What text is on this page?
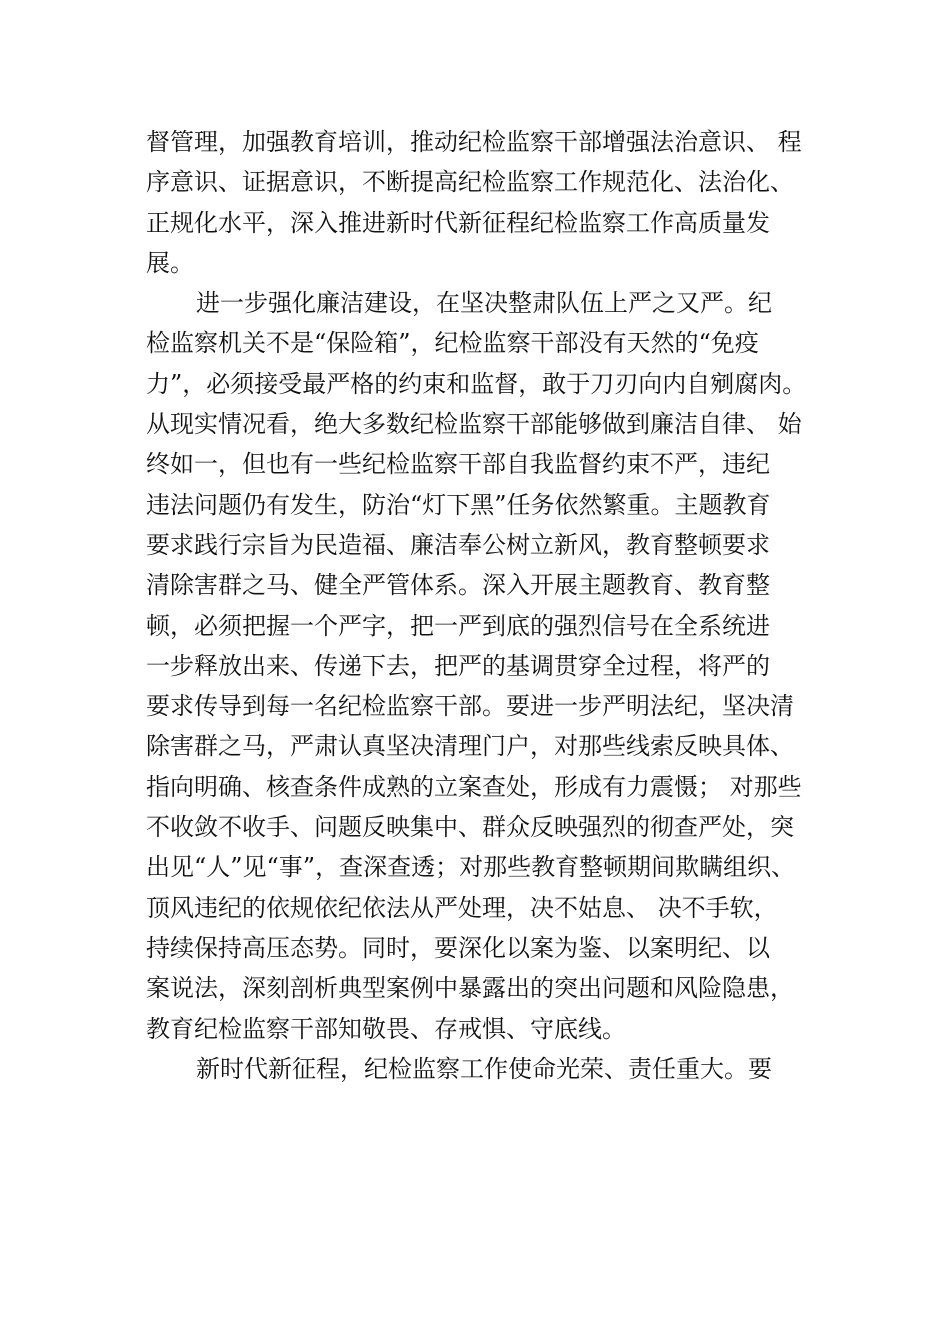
督管理，加强教育培训，推动纪检监察干部增强法治意识、 程
序意识、证据意识，不断提高纪检监察工作规范化、法治化、
正规化水平，深入推进新时代新征程纪检监察工作高质量发
展。
进一步强化廉洁建设，在坚决整肃队伍上严之又严。纪
检监察机关不是“保险箱”，纪检监察干部没有天然的“免疫
力”，必须接受最严格的约束和监督，敢于刀刃向内自剜腐肉。
从现实情况看，绝大多数纪检监察干部能够做到廉洁自律、 始
终如一，但也有一些纪检监察干部自我监督约束不严，违纪
违法问题仍有发生，防治“灯下黑”任务依然繁重。主题教育
要求践行宗旨为民造福、廉洁奉公树立新风，教育整顿要求
清除害群之马、健全严管体系。深入开展主题教育、教育整
顿，必须把握一个严字，把一严到底的强烈信号在全系统进
一步释放出来、传递下去，把严的基调贯穿全过程，将严的
要求传导到每一名纪检监察干部。要进一步严明法纪，坚决清
除害群之马，严肃认真坚决清理门户，对那些线索反映具体、
指向明确、核查条件成熟的立案查处，形成有力震慑； 对那些
不收敛不收手、问题反映集中、群众反映强烈的彻查严处，突
出见“人”见“事”，查深查透；对那些教育整顿期间欺瞒组织、
顶风违纪的依规依纪依法从严处理，决不姑息、 决不手软，
持续保持高压态势。同时，要深化以案为鉴、以案明纪、以
案说法，深刻剖析典型案例中暴露出的突出问题和风险隐患，
教育纪检监察干部知敬畏、存戒惧、守底线。
新时代新征程，纪检监察工作使命光荣、责任重大。要
